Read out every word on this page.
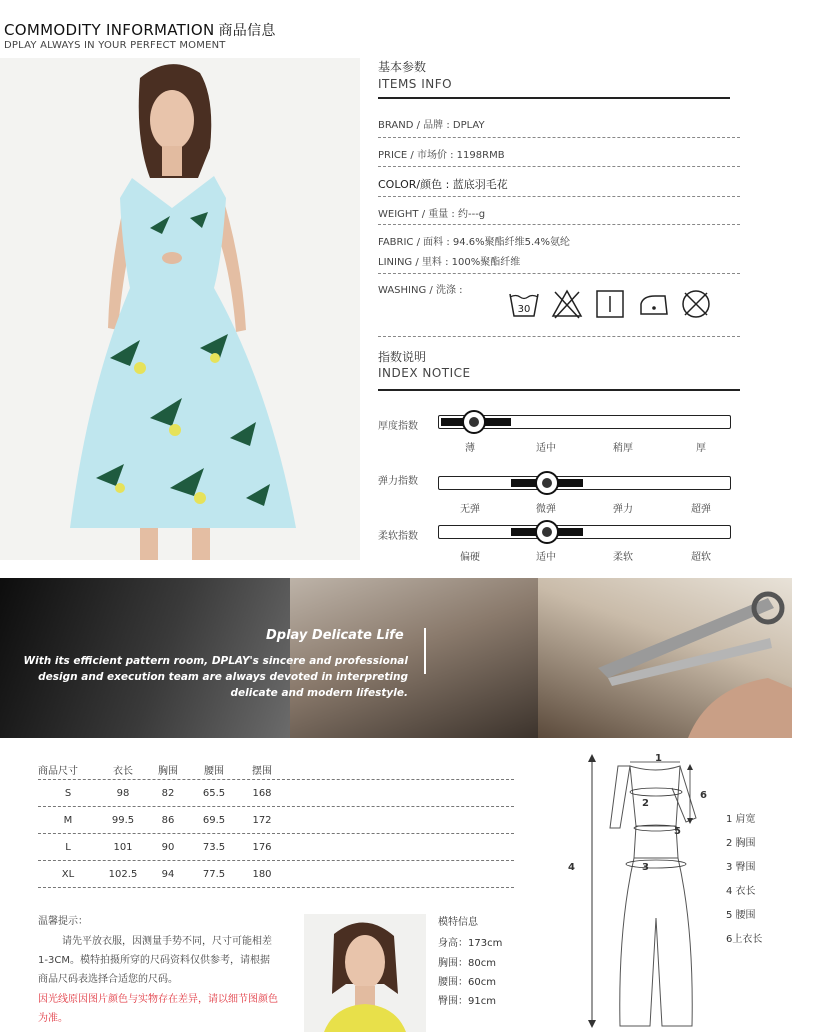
COMMODITY INFORMATION 商品信息
DPLAY ALWAYS IN YOUR PERFECT MOMENT
基本参数
ITEMS INFO
BRAND / 品牌 : DPLAY
PRICE / 市场价 : 1198RMB
COLOR/颜色 : 蓝底羽毛花
WEIGHT / 重量 : 约---g
FABRIC / 面料 : 94.6%聚酯纤维5.4%氨纶
LINING / 里料 : 100%聚酯纤维
WASHING / 洗涤 :
30
指数说明
INDEX NOTICE
厚度指数
薄	适中	稍厚	厚
弹力指数
无弹	微弹	弹力	超弹
柔软指数
偏硬	适中	柔软	超软
Dplay Delicate Life
With its efficient pattern room, DPLAY's sincere and professional design and execution team are always devoted in interpreting delicate and modern lifestyle.
商品尺寸	衣长	胸围	腰围	摆围
S	98	82	65.5	168
M	99.5	86	69.5	172
L	101	90	73.5	176
XL	102.5	94	77.5	180
1
2
3
4
5
6
1 肩宽
2 胸围
3 臀围
4 衣长
5 腰围
6上衣长
温馨提示：
请先平放衣服，因测量手势不同，尺寸可能相差1-3CM。模特拍摄所穿的尺码资料仅供参考，请根据商品尺码表选择合适您的尺码。
因光线原因图片颜色与实物存在差异，请以细节图颜色为准。
模特信息
身高：173cm
胸围：80cm
腰围：60cm
臀围：91cm
